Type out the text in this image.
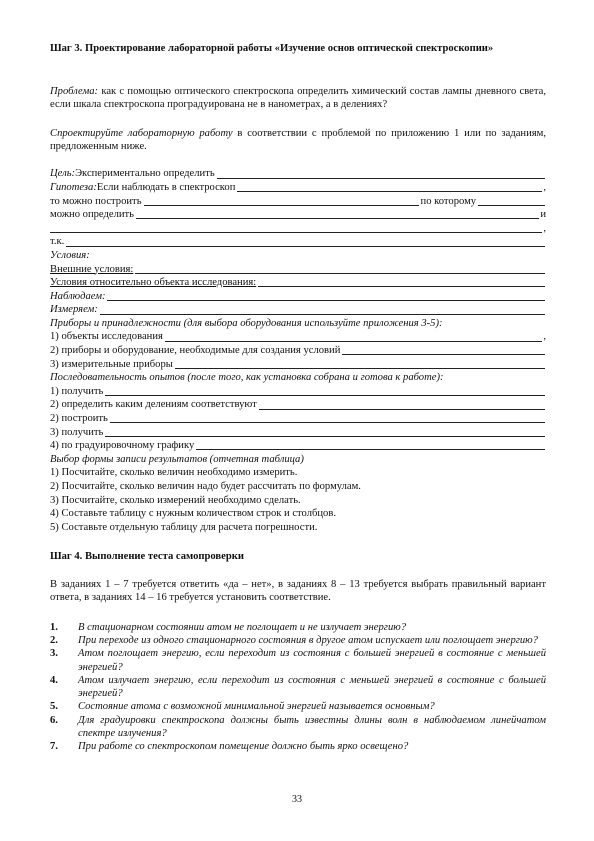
Шаг 3. Проектирование лабораторной работы «Изучение основ оптической спектроскопии»
Проблема: как с помощью оптического спектроскопа определить химический состав лампы дневного света, если шкала спектроскопа проградуирована не в нанометрах, а в делениях?
Спроектируйте лабораторную работу в соответствии с проблемой по приложению 1 или по заданиям, предложенным ниже.
Цель: Экспериментально определить
Гипотеза: Если наблюдать в спектроскоп	,
то можно построить	по которому
можно определить	и
,
т.к.
Условия:
Внешние условия:
Условия относительно объекта исследования:
Наблюдаем:
Измеряем:
Приборы и принадлежности (для выбора оборудования используйте приложения 3-5):
1) объекты исследования	,
2) приборы и оборудование, необходимые для создания условий
3) измерительные приборы
Последовательность опытов (после того, как установка собрана и готова к работе):
1) получить
2) определить каким делениям соответствуют
2) построить
3) получить
4) по градуировочному графику
Выбор формы записи результатов (отчетная таблица)
1) Посчитайте, сколько величин необходимо измерить.
2) Посчитайте, сколько величин надо будет рассчитать по формулам.
3) Посчитайте, сколько измерений необходимо сделать.
4) Составьте таблицу с нужным количеством строк и столбцов.
5) Составьте отдельную таблицу для расчета погрешности.
Шаг 4. Выполнение теста самопроверки
В заданиях 1 – 7 требуется ответить «да – нет», в заданиях 8 – 13 требуется выбрать правильный вариант ответа, в заданиях 14 – 16 требуется установить соответствие.
1.	В стационарном состоянии атом не поглощает и не излучает энергию?
2.	При переходе из одного стационарного состояния в другое атом испускает или поглощает энергию?
3.	Атом поглощает энергию, если переходит из состояния с большей энергией в состояние с меньшей энергией?
4.	Атом излучает энергию, если переходит из состояния с меньшей энергией в состояние с большей энергией?
5.	Состояние атома с возможной минимальной энергией называется основным?
6.	Для градуировки спектроскопа должны быть известны длины волн в наблюдаемом линейчатом спектре излучения?
7.	При работе со спектроскопом помещение должно быть ярко освещено?
33
